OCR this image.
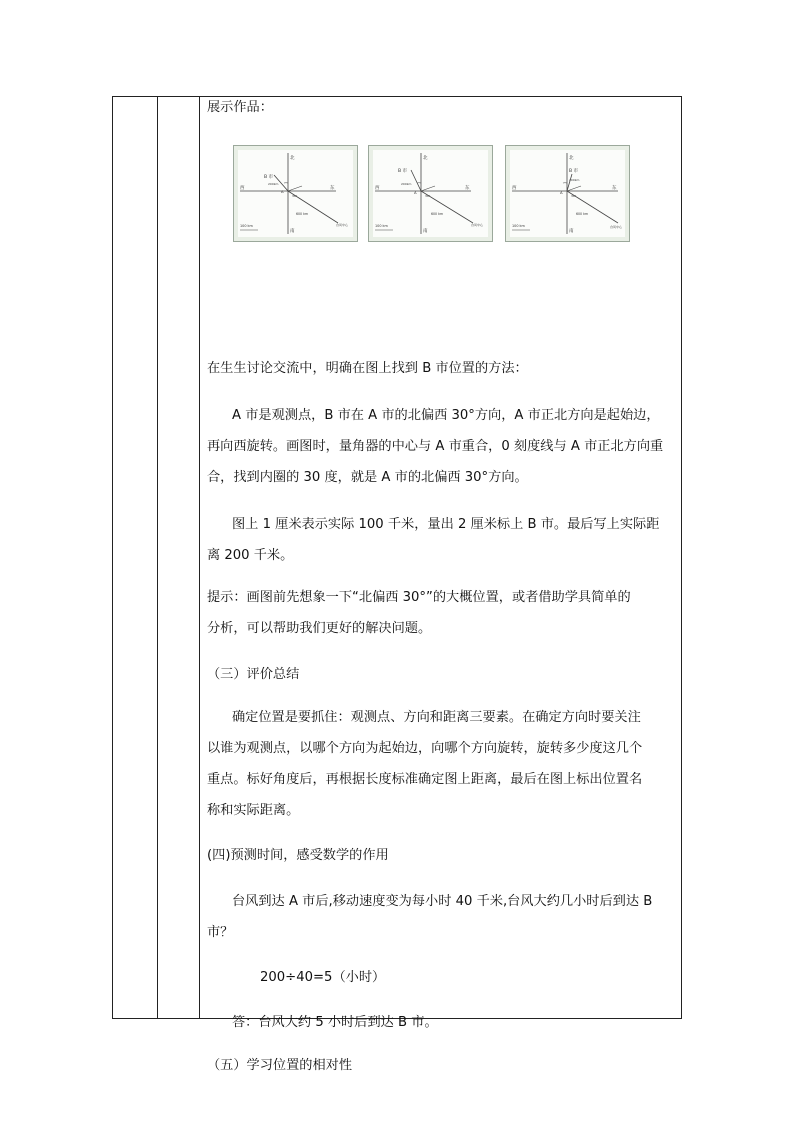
展示作品：
在生生讨论交流中，明确在图上找到 B 市位置的方法：
A 市是观测点，B 市在 A 市的北偏西 30°方向，A 市正北方向是起始边，
再向西旋转。画图时，量角器的中心与 A 市重合，0 刻度线与 A 市正北方向重
合，找到内圈的 30 度，就是 A 市的北偏西 30°方向。
图上 1 厘米表示实际 100 千米，量出 2 厘米标上 B 市。最后写上实际距
离 200 千米。
提示：画图前先想象一下“北偏西 30°”的大概位置，或者借助学具简单的
分析，可以帮助我们更好的解决问题。
（三）评价总结
确定位置是要抓住：观测点、方向和距离三要素。在确定方向时要关注
以谁为观测点，以哪个方向为起始边，向哪个方向旋转，旋转多少度这几个
重点。标好角度后，再根据长度标准确定图上距离，最后在图上标出位置名
称和实际距离。
(四)预测时间，感受数学的作用
台风到达 A 市后,移动速度变为每小时 40 千米,台风大约几小时后到达 B
市？
200÷40=5（小时）
答：台风大约 5 小时后到达 B 市。
（五）学习位置的相对性
北
南
东
西
B 市
A
200km
30°
600 km
台风中心
100 km
北
南
东
西
B 市
A
200km
30°
600 km
台风中心
100 km
北
南
东
西
B 市
A
200km
30°
600 km
台风中心
100 km
